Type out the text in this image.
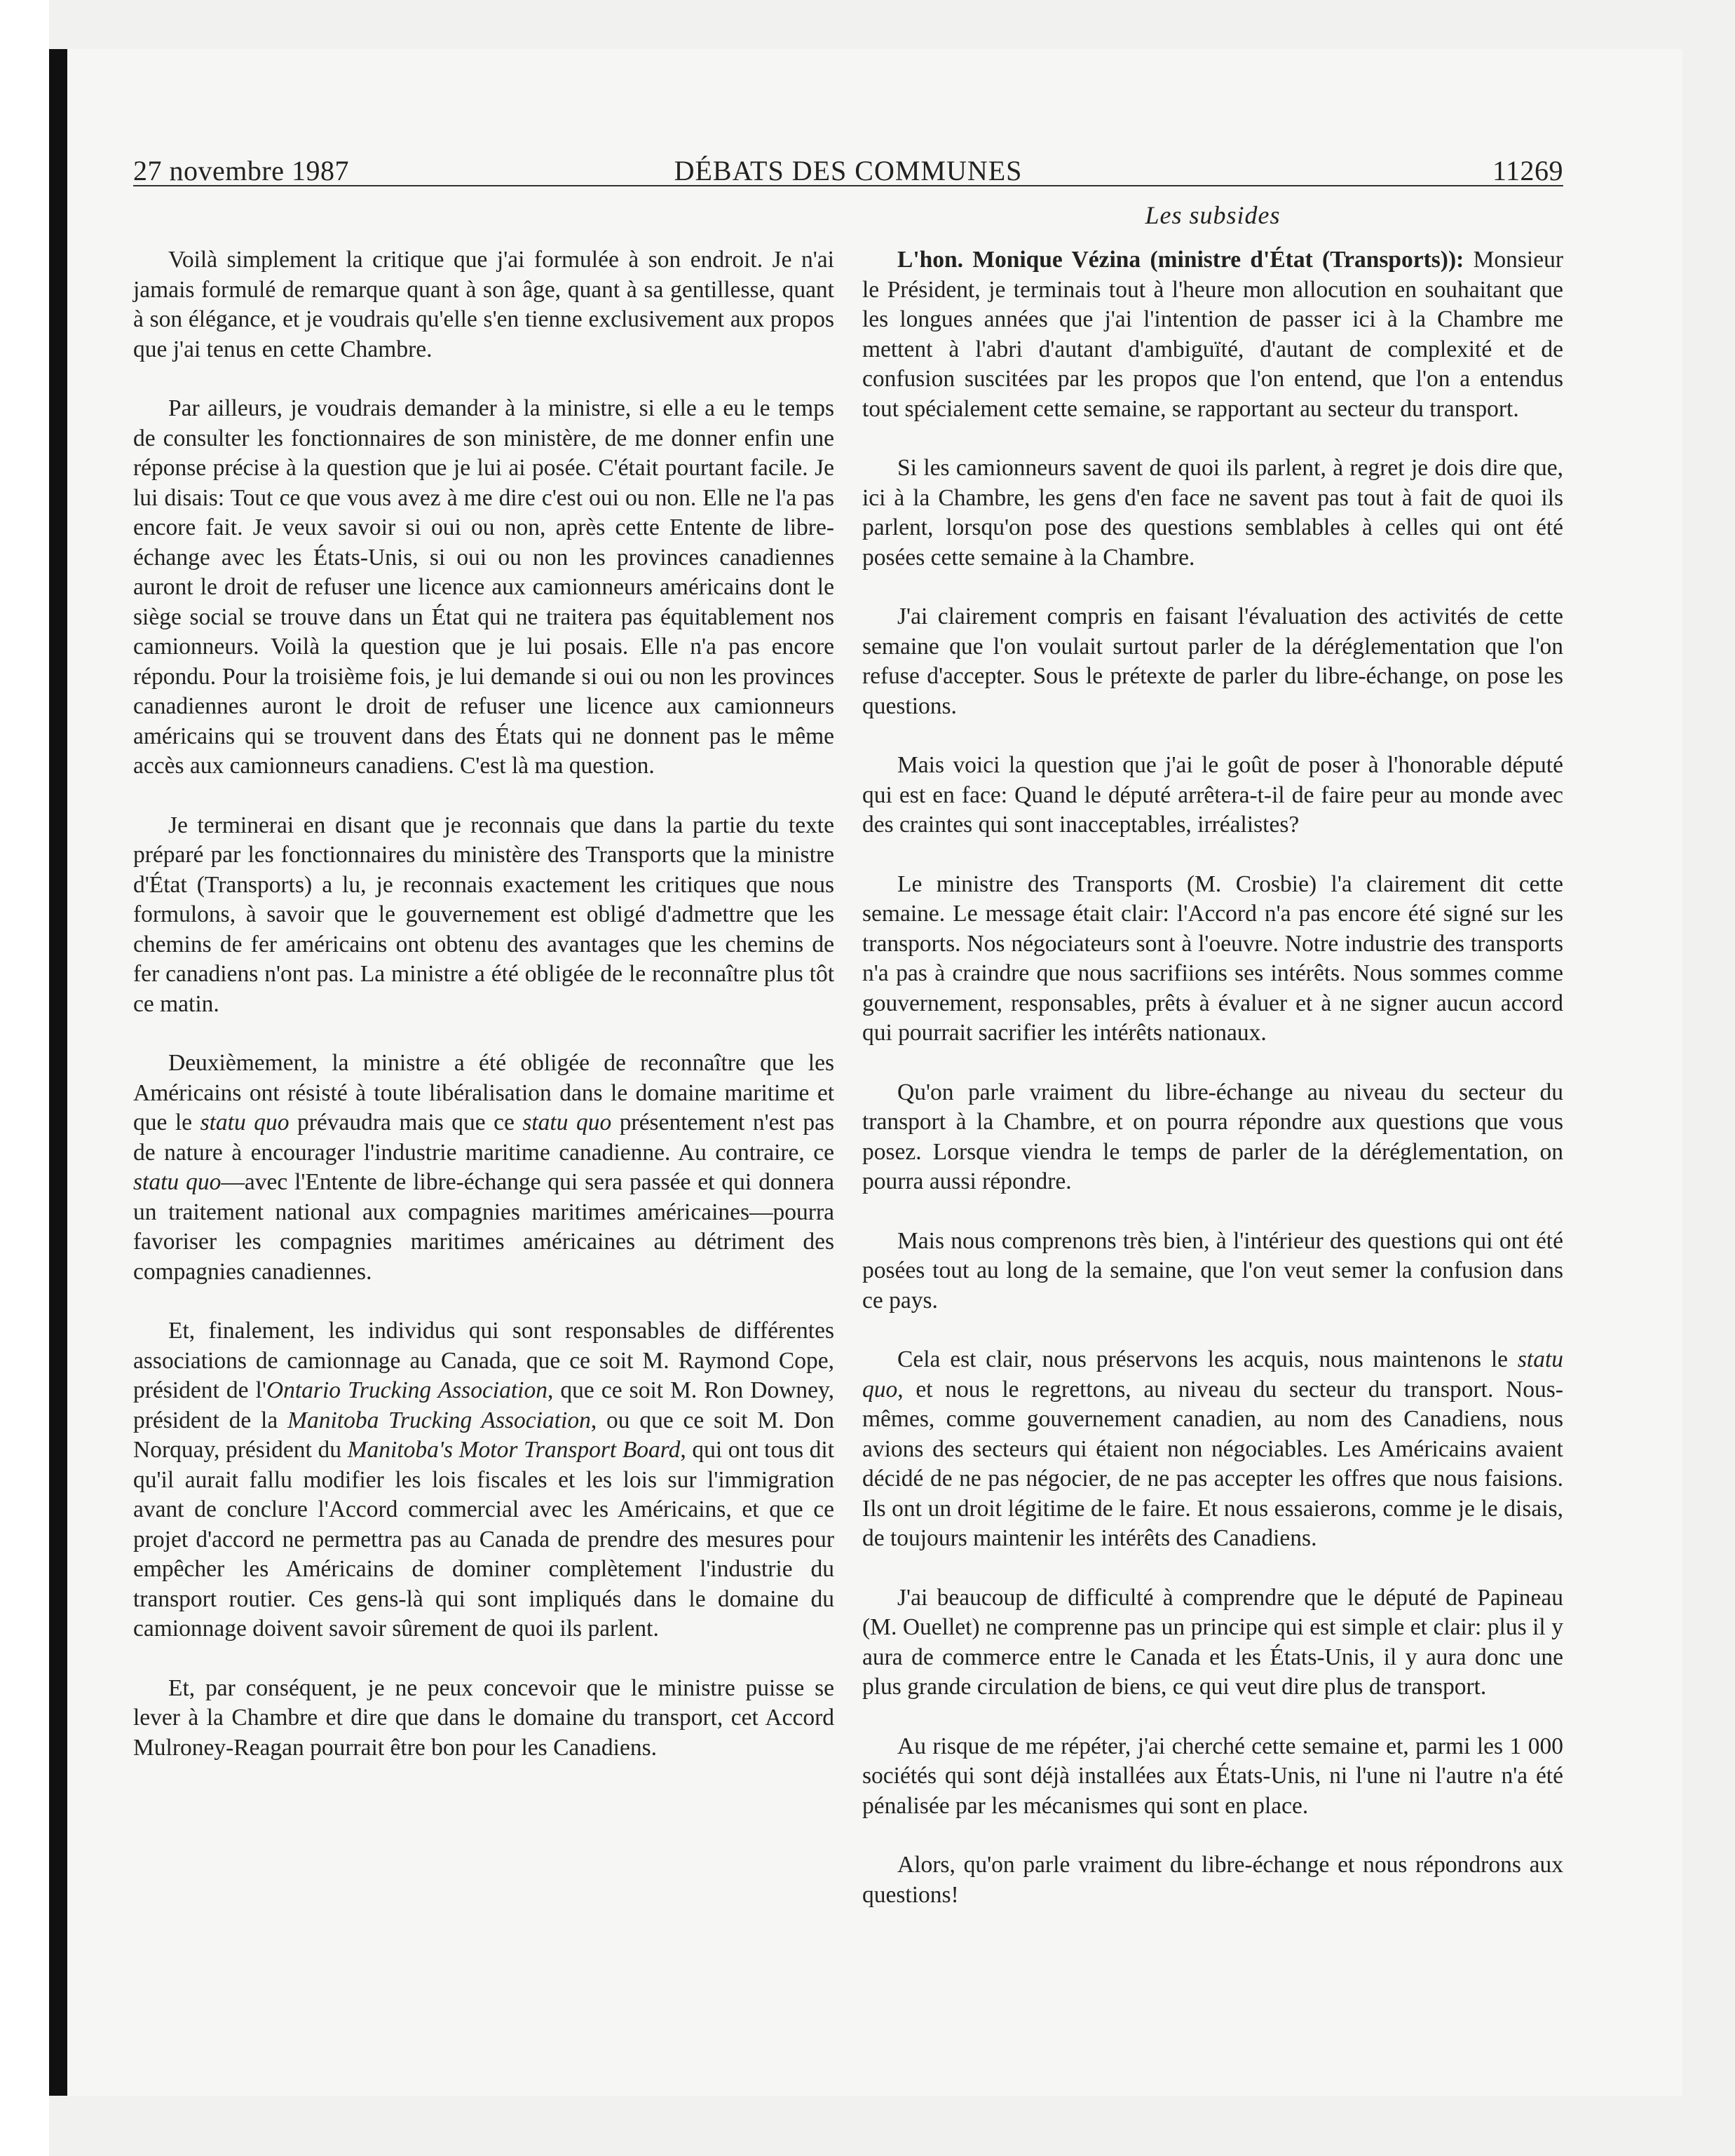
27 novembre 1987	DÉBATS DES COMMUNES	11269
Les subsides

Voilà simplement la critique que j'ai formulée à son endroit. Je n'ai jamais formulé de remarque quant à son âge, quant à sa gentillesse, quant à son élégance, et je voudrais qu'elle s'en tienne exclusivement aux propos que j'ai tenus en cette Chambre.

Par ailleurs, je voudrais demander à la ministre, si elle a eu le temps de consulter les fonctionnaires de son ministère, de me donner enfin une réponse précise à la question que je lui ai posée. C'était pourtant facile. Je lui disais: Tout ce que vous avez à me dire c'est oui ou non. Elle ne l'a pas encore fait. Je veux savoir si oui ou non, après cette Entente de libre-échange avec les États-Unis, si oui ou non les provinces canadiennes auront le droit de refuser une licence aux camionneurs américains dont le siège social se trouve dans un État qui ne traitera pas équitablement nos camionneurs. Voilà la question que je lui posais. Elle n'a pas encore répondu. Pour la troisième fois, je lui demande si oui ou non les provinces canadiennes auront le droit de refuser une licence aux camionneurs américains qui se trouvent dans des États qui ne donnent pas le même accès aux camionneurs canadiens. C'est là ma question.

Je terminerai en disant que je reconnais que dans la partie du texte préparé par les fonctionnaires du ministère des Transports que la ministre d'État (Transports) a lu, je reconnais exactement les critiques que nous formulons, à savoir que le gouvernement est obligé d'admettre que les chemins de fer américains ont obtenu des avantages que les chemins de fer canadiens n'ont pas. La ministre a été obligée de le reconnaître plus tôt ce matin.

Deuxièmement, la ministre a été obligée de reconnaître que les Américains ont résisté à toute libéralisation dans le domaine maritime et que le statu quo prévaudra mais que ce statu quo présentement n'est pas de nature à encourager l'industrie maritime canadienne. Au contraire, ce statu quo—avec l'Entente de libre-échange qui sera passée et qui donnera un traitement national aux compagnies maritimes américaines—pourra favoriser les compagnies maritimes américaines au détriment des compagnies canadiennes.

Et, finalement, les individus qui sont responsables de différentes associations de camionnage au Canada, que ce soit M. Raymond Cope, président de l'Ontario Trucking Association, que ce soit M. Ron Downey, président de la Manitoba Trucking Association, ou que ce soit M. Don Norquay, président du Manitoba's Motor Transport Board, qui ont tous dit qu'il aurait fallu modifier les lois fiscales et les lois sur l'immigration avant de conclure l'Accord commercial avec les Américains, et que ce projet d'accord ne permettra pas au Canada de prendre des mesures pour empêcher les Américains de dominer complètement l'industrie du transport routier. Ces gens-là qui sont impliqués dans le domaine du camionnage doivent savoir sûrement de quoi ils parlent.

Et, par conséquent, je ne peux concevoir que le ministre puisse se lever à la Chambre et dire que dans le domaine du transport, cet Accord Mulroney-Reagan pourrait être bon pour les Canadiens.

L'hon. Monique Vézina (ministre d'État (Transports)): Monsieur le Président, je terminais tout à l'heure mon allocution en souhaitant que les longues années que j'ai l'intention de passer ici à la Chambre me mettent à l'abri d'autant d'ambiguïté, d'autant de complexité et de confusion suscitées par les propos que l'on entend, que l'on a entendus tout spécialement cette semaine, se rapportant au secteur du transport.

Si les camionneurs savent de quoi ils parlent, à regret je dois dire que, ici à la Chambre, les gens d'en face ne savent pas tout à fait de quoi ils parlent, lorsqu'on pose des questions semblables à celles qui ont été posées cette semaine à la Chambre.

J'ai clairement compris en faisant l'évaluation des activités de cette semaine que l'on voulait surtout parler de la déréglementation que l'on refuse d'accepter. Sous le prétexte de parler du libre-échange, on pose les questions.

Mais voici la question que j'ai le goût de poser à l'honorable député qui est en face: Quand le député arrêtera-t-il de faire peur au monde avec des craintes qui sont inacceptables, irréalistes?

Le ministre des Transports (M. Crosbie) l'a clairement dit cette semaine. Le message était clair: l'Accord n'a pas encore été signé sur les transports. Nos négociateurs sont à l'oeuvre. Notre industrie des transports n'a pas à craindre que nous sacrifiions ses intérêts. Nous sommes comme gouvernement, responsables, prêts à évaluer et à ne signer aucun accord qui pourrait sacrifier les intérêts nationaux.

Qu'on parle vraiment du libre-échange au niveau du secteur du transport à la Chambre, et on pourra répondre aux questions que vous posez. Lorsque viendra le temps de parler de la déréglementation, on pourra aussi répondre.

Mais nous comprenons très bien, à l'intérieur des questions qui ont été posées tout au long de la semaine, que l'on veut semer la confusion dans ce pays.

Cela est clair, nous préservons les acquis, nous maintenons le statu quo, et nous le regrettons, au niveau du secteur du transport. Nous-mêmes, comme gouvernement canadien, au nom des Canadiens, nous avions des secteurs qui étaient non négociables. Les Américains avaient décidé de ne pas négocier, de ne pas accepter les offres que nous faisions. Ils ont un droit légitime de le faire. Et nous essaierons, comme je le disais, de toujours maintenir les intérêts des Canadiens.

J'ai beaucoup de difficulté à comprendre que le député de Papineau (M. Ouellet) ne comprenne pas un principe qui est simple et clair: plus il y aura de commerce entre le Canada et les États-Unis, il y aura donc une plus grande circulation de biens, ce qui veut dire plus de transport.

Au risque de me répéter, j'ai cherché cette semaine et, parmi les 1 000 sociétés qui sont déjà installées aux États-Unis, ni l'une ni l'autre n'a été pénalisée par les mécanismes qui sont en place.

Alors, qu'on parle vraiment du libre-échange et nous répondrons aux questions!
